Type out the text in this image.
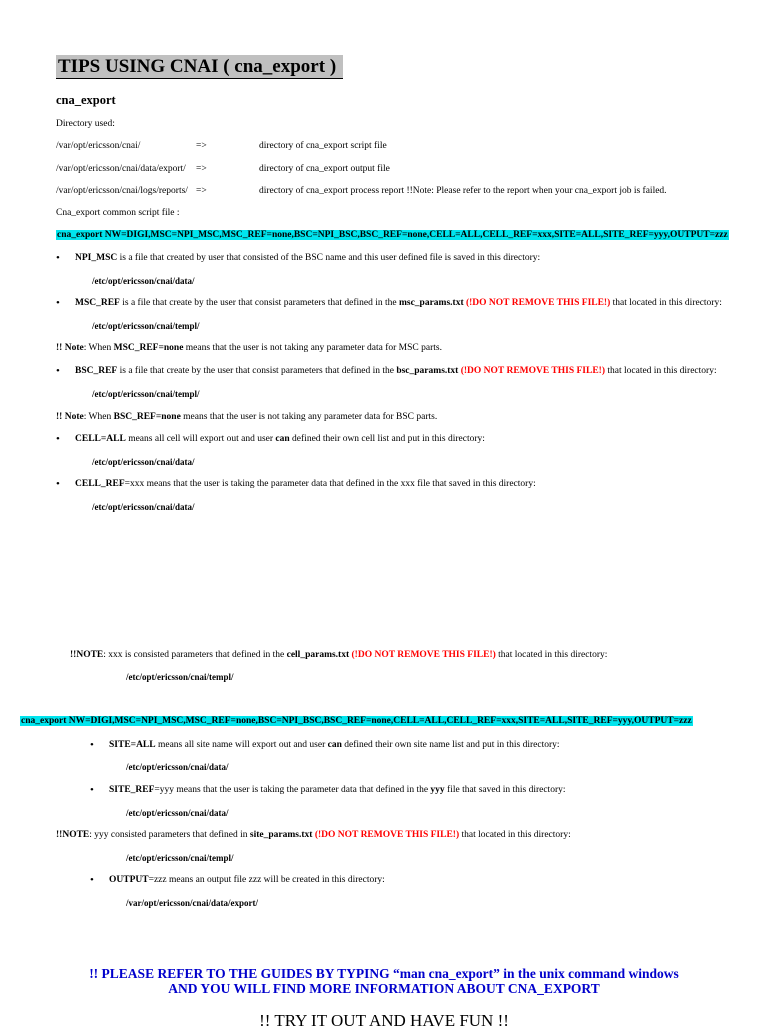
TIPS USING CNAI ( cna_export )
cna_export
Directory used:
/var/opt/ericsson/cnai/	=>	directory of cna_export script file
/var/opt/ericsson/cnai/data/export/ =>	directory of cna_export output file
/var/opt/ericsson/cnai/logs/reports/ =>	directory of cna_export process report !!Note: Please refer to the report when your cna_export job is failed.
Cna_export common script file :
cna_export NW=DIGI,MSC=NPI_MSC,MSC_REF=none,BSC=NPI_BSC,BSC_REF=none,CELL=ALL,CELL_REF=xxx,SITE=ALL,SITE_REF=yyy,OUTPUT=zzz
• NPI_MSC is a file that created by user that consisted of the BSC name and this user defined file is saved in this directory:
/etc/opt/ericsson/cnai/data/
• MSC_REF is a file that create by the user that consist parameters that defined in the msc_params.txt (!DO NOT REMOVE THIS FILE!) that located in this directory:
/etc/opt/ericsson/cnai/templ/
!! Note: When MSC_REF=none means that the user is not taking any parameter data for MSC parts.
• BSC_REF is a file that create by the user that consist parameters that defined in the bsc_params.txt (!DO NOT REMOVE THIS FILE!) that located in this directory:
/etc/opt/ericsson/cnai/templ/
!! Note: When BSC_REF=none means that the user is not taking any parameter data for BSC parts.
• CELL=ALL means all cell will export out and user can defined their own cell list and put in this directory:
/etc/opt/ericsson/cnai/data/
• CELL_REF=xxx means that the user is taking the parameter data that defined in the xxx file that saved in this directory:
/etc/opt/ericsson/cnai/data/
!!NOTE: xxx is consisted parameters that defined in the cell_params.txt (!DO NOT REMOVE THIS FILE!) that located in this directory:
/etc/opt/ericsson/cnai/templ/
cna_export NW=DIGI,MSC=NPI_MSC,MSC_REF=none,BSC=NPI_BSC,BSC_REF=none,CELL=ALL,CELL_REF=xxx,SITE=ALL,SITE_REF=yyy,OUTPUT=zzz
• SITE=ALL means all site name will export out and user can defined their own site name list and put in this directory:
/etc/opt/ericsson/cnai/data/
• SITE_REF=yyy means that the user is taking the parameter data that defined in the yyy file that saved in this directory:
/etc/opt/ericsson/cnai/data/
!!NOTE: yyy consisted parameters that defined in site_params.txt (!DO NOT REMOVE THIS FILE!) that located in this directory:
/etc/opt/ericsson/cnai/templ/
• OUTPUT=zzz means an output file zzz will be created in this directory:
/var/opt/ericsson/cnai/data/export/
!! PLEASE REFER TO THE GUIDES BY TYPING “man cna_export” in the unix command windows
AND YOU WILL FIND MORE INFORMATION ABOUT CNA_EXPORT
!! TRY IT OUT AND HAVE FUN !!
